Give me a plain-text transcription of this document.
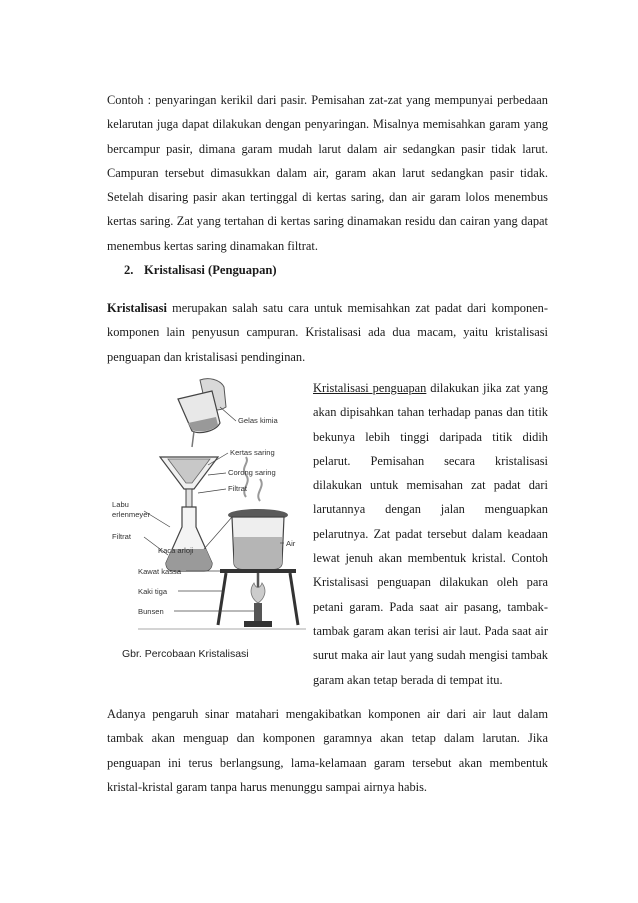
Contoh : penyaringan kerikil dari pasir. Pemisahan zat-zat yang mempunyai perbedaan kelarutan juga dapat dilakukan dengan penyaringan. Misalnya memisahkan garam yang bercampur pasir, dimana garam mudah larut dalam air sedangkan pasir tidak larut. Campuran tersebut dimasukkan dalam air, garam akan larut sedangkan pasir tidak. Setelah disaring pasir akan tertinggal di kertas saring, dan air garam lolos menembus kertas saring. Zat yang tertahan di kertas saring dinamakan residu dan cairan yang dapat menembus kertas saring dinamakan filtrat.

2. Kristalisasi (Penguapan)

Kristalisasi merupakan salah satu cara untuk memisahkan zat padat dari komponen-komponen lain penyusun campuran. Kristalisasi ada dua macam, yaitu kristalisasi penguapan dan kristalisasi pendinginan.

Gelas kimia
Kertas saring
Corong saring
Filtrat
Labu
erlenmeyer
Filtrat
Kaca arloji
Air
Kawat kassa
Kaki tiga
Bunsen
Gbr. Percobaan Kristalisasi

Kristalisasi penguapan dilakukan jika zat yang akan dipisahkan tahan terhadap panas dan titik bekunya lebih tinggi daripada titik didih pelarut. Pemisahan secara kristalisasi dilakukan untuk memisahan zat padat dari larutannya dengan jalan menguapkan pelarutnya. Zat padat tersebut dalam keadaan lewat jenuh akan membentuk kristal. Contoh Kristalisasi penguapan dilakukan oleh para petani garam. Pada saat air pasang, tambak-tambak garam akan terisi air laut. Pada saat air surut maka air laut yang sudah mengisi tambak garam akan tetap berada di tempat itu.

Adanya pengaruh sinar matahari mengakibatkan komponen air dari air laut dalam tambak akan menguap dan komponen garamnya akan tetap dalam larutan. Jika penguapan ini terus berlangsung, lama-kelamaan garam tersebut akan membentuk kristal-kristal garam tanpa harus menunggu sampai airnya habis.
